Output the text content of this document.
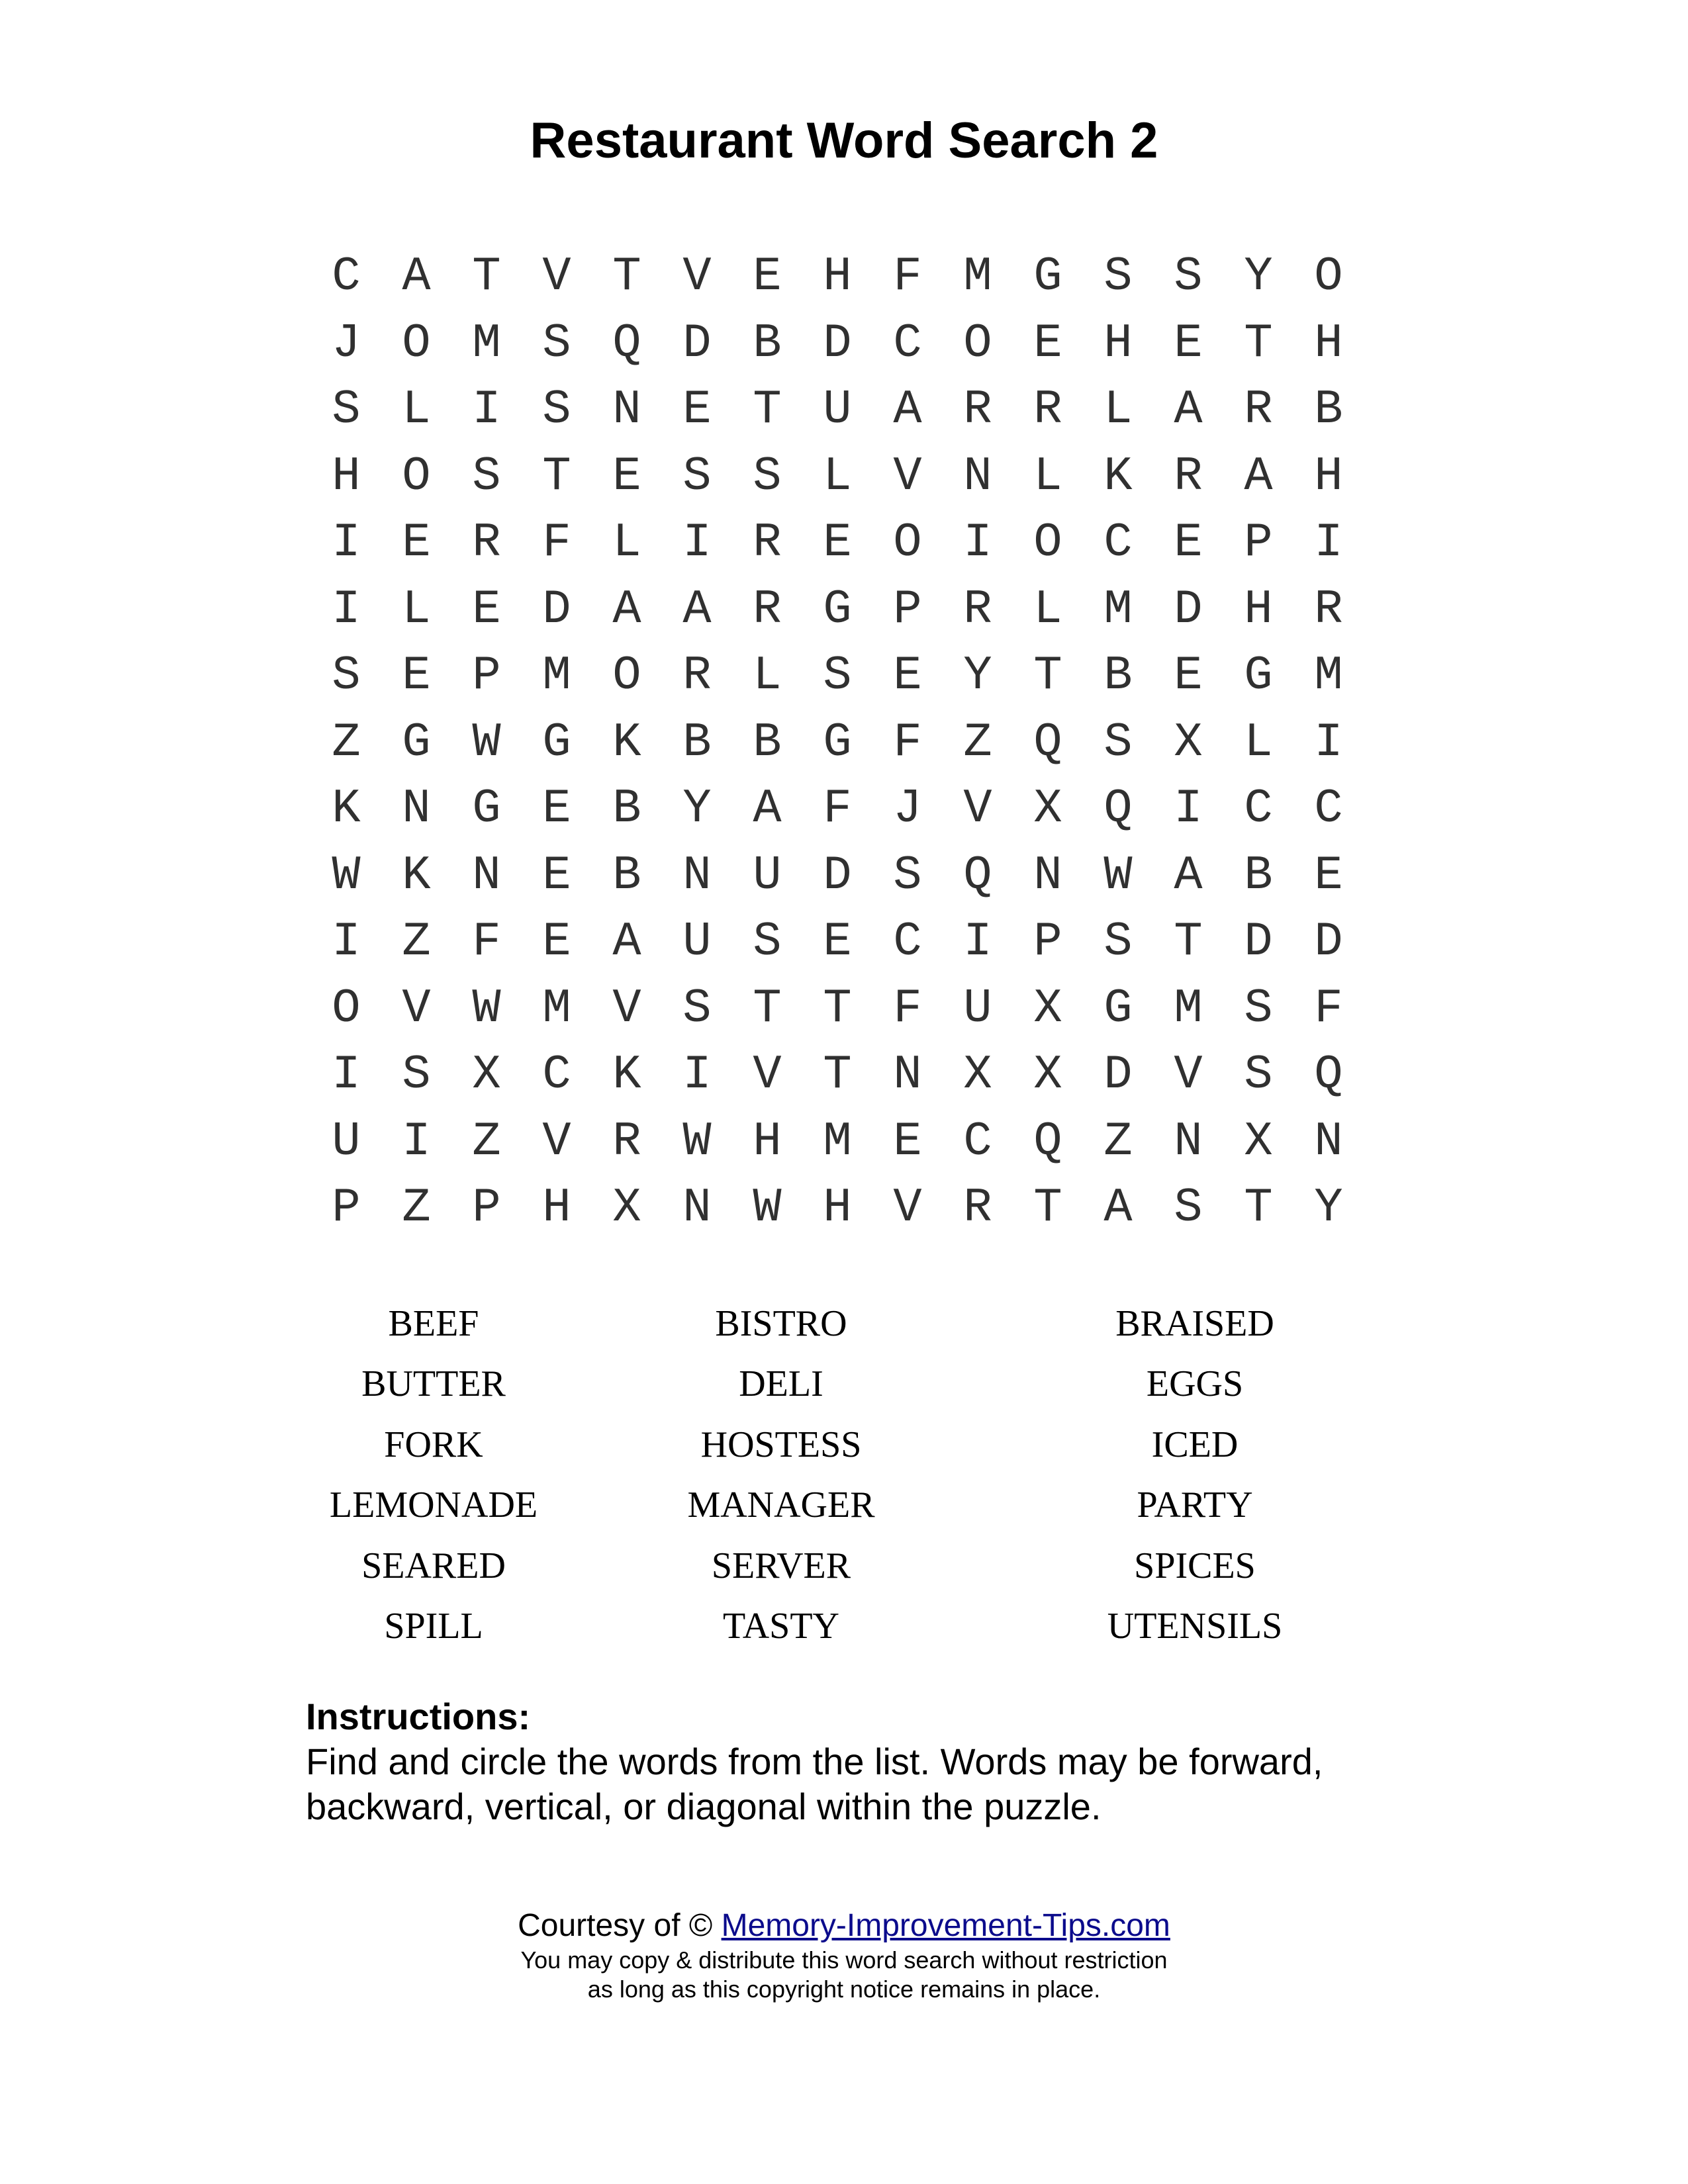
Restaurant Word Search 2
C A T V T V E H F M G S S Y O
J O M S Q D B D C O E H E T H
S L I S N E T U A R R L A R B
H O S T E S S L V N L K R A H
I E R F L I R E O I O C E P I
I L E D A A R G P R L M D H R
S E P M O R L S E Y T B E G M
Z G W G K B B G F Z Q S X L I
K N G E B Y A F J V X Q I C C
W K N E B N U D S Q N W A B E
I Z F E A U S E C I P S T D D
O V W M V S T T F U X G M S F
I S X C K I V T N X X D V S Q
U I Z V R W H M E C Q Z N X N
P Z P H X N W H V R T A S T Y
BEEF	BISTRO	BRAISED
BUTTER	DELI	EGGS
FORK	HOSTESS	ICED
LEMONADE	MANAGER	PARTY
SEARED	SERVER	SPICES
SPILL	TASTY	UTENSILS
Instructions:
Find and circle the words from the list. Words may be forward, backward, vertical, or diagonal within the puzzle.
Courtesy of © Memory-Improvement-Tips.com
You may copy & distribute this word search without restriction
as long as this copyright notice remains in place.
